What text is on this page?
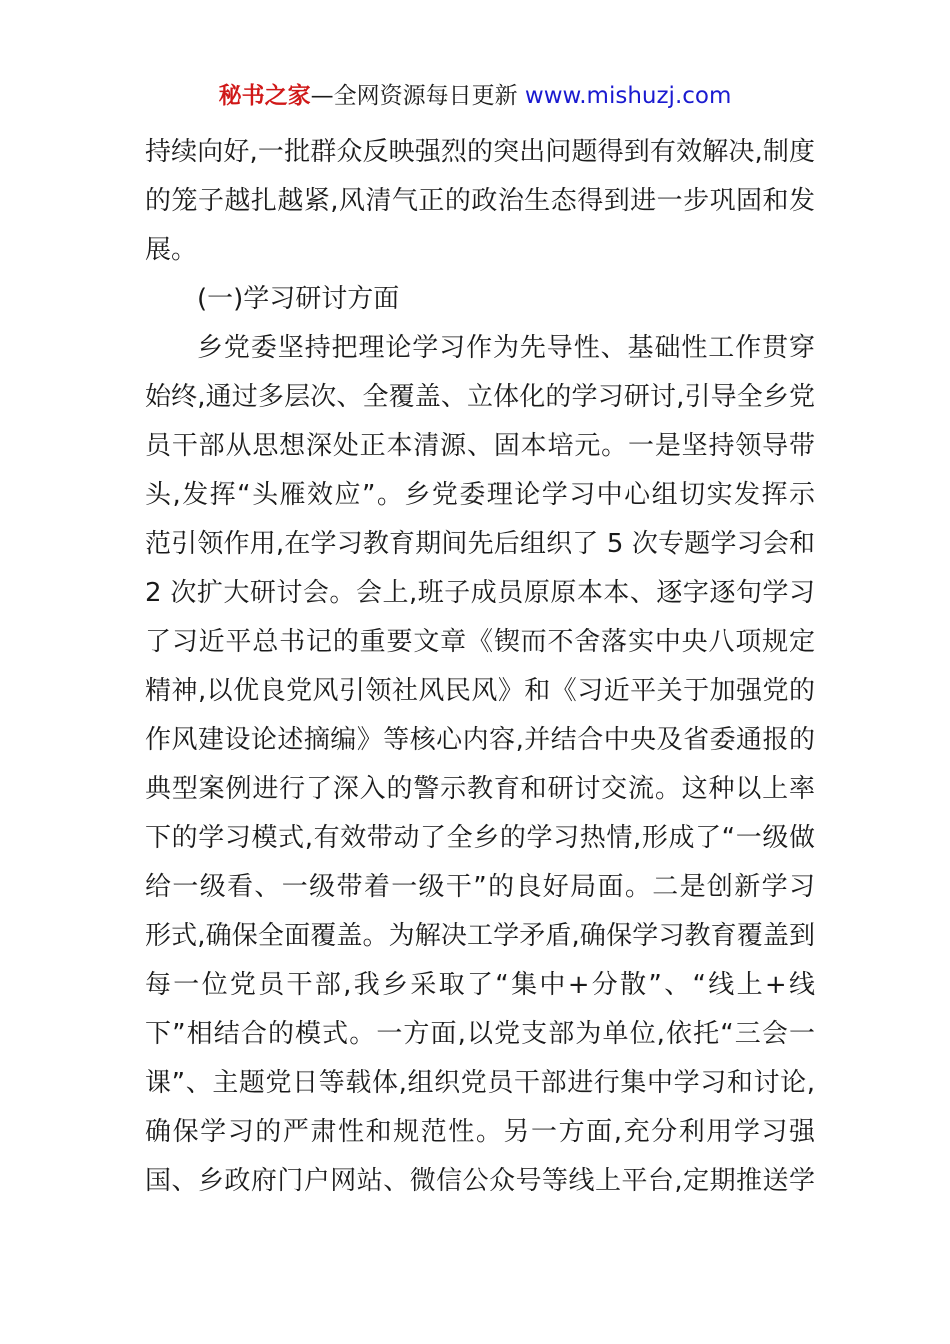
秘书之家—全网资源每日更新 www.mishuzj.com
持续向好,一批群众反映强烈的突出问题得到有效解决,制度
的笼子越扎越紧,风清气正的政治生态得到进一步巩固和发
展。
(一)学习研讨方面
乡党委坚持把理论学习作为先导性、基础性工作贯穿
始终,通过多层次、全覆盖、立体化的学习研讨,引导全乡党
员干部从思想深处正本清源、固本培元。一是坚持领导带
头,发挥“头雁效应”。乡党委理论学习中心组切实发挥示
范引领作用,在学习教育期间先后组织了 5 次专题学习会和
2 次扩大研讨会。会上,班子成员原原本本、逐字逐句学习
了习近平总书记的重要文章《锲而不舍落实中央八项规定
精神,以优良党风引领社风民风》和《习近平关于加强党的
作风建设论述摘编》等核心内容,并结合中央及省委通报的
典型案例进行了深入的警示教育和研讨交流。这种以上率
下的学习模式,有效带动了全乡的学习热情,形成了“一级做
给一级看、一级带着一级干”的良好局面。二是创新学习
形式,确保全面覆盖。为解决工学矛盾,确保学习教育覆盖到
每一位党员干部,我乡采取了“集中+分散”、“线上+线
下”相结合的模式。一方面,以党支部为单位,依托“三会一
课”、主题党日等载体,组织党员干部进行集中学习和讨论,
确保学习的严肃性和规范性。另一方面,充分利用学习强
国、乡政府门户网站、微信公众号等线上平台,定期推送学
